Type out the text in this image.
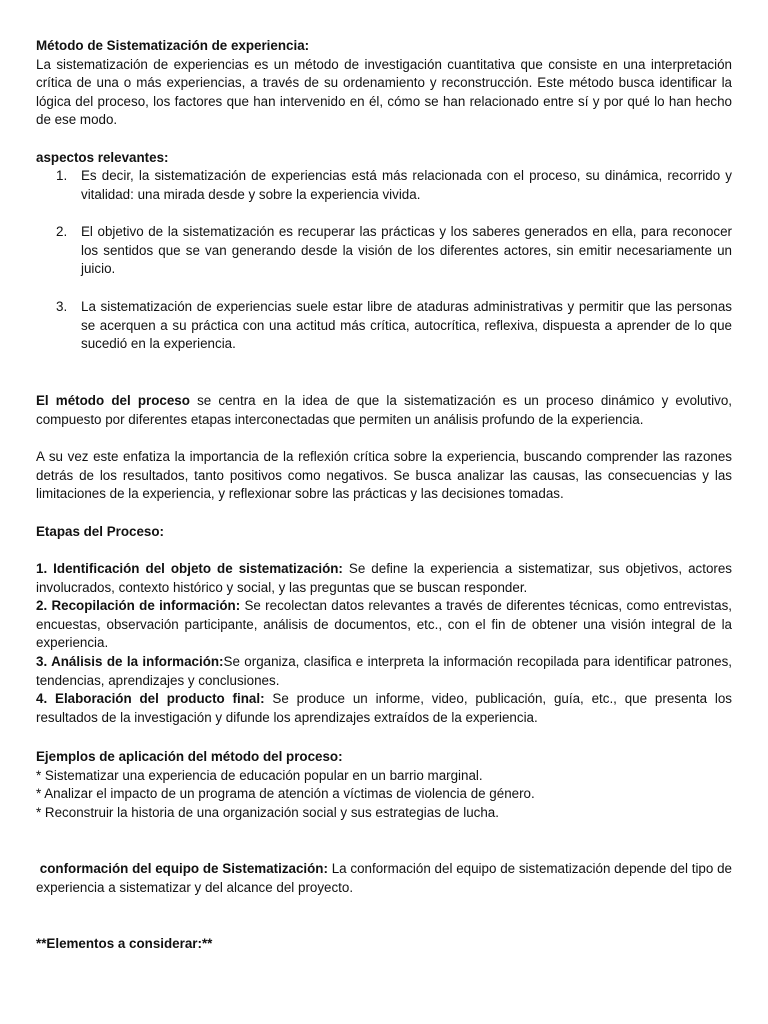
Método de Sistematización de experiencia:

La sistematización de experiencias es un método de investigación cuantitativa que consiste en una interpretación crítica de una o más experiencias, a través de su ordenamiento y reconstrucción. Este método busca identificar la lógica del proceso, los factores que han intervenido en él, cómo se han relacionado entre sí y por qué lo han hecho de ese modo.

aspectos relevantes:

1. Es decir, la sistematización de experiencias está más relacionada con el proceso, su dinámica, recorrido y vitalidad: una mirada desde y sobre la experiencia vivida.
2. El objetivo de la sistematización es recuperar las prácticas y los saberes generados en ella, para reconocer los sentidos que se van generando desde la visión de los diferentes actores, sin emitir necesariamente un juicio.
3. La sistematización de experiencias suele estar libre de ataduras administrativas y permitir que las personas se acerquen a su práctica con una actitud más crítica, autocrítica, reflexiva, dispuesta a aprender de lo que sucedió en la experiencia.

El método del proceso se centra en la idea de que la sistematización es un proceso dinámico y evolutivo, compuesto por diferentes etapas interconectadas que permiten un análisis profundo de la experiencia.

A su vez este enfatiza la importancia de la reflexión crítica sobre la experiencia, buscando comprender las razones detrás de los resultados, tanto positivos como negativos. Se busca analizar las causas, las consecuencias y las limitaciones de la experiencia, y reflexionar sobre las prácticas y las decisiones tomadas.

Etapas del Proceso:

1. Identificación del objeto de sistematización: Se define la experiencia a sistematizar, sus objetivos, actores involucrados, contexto histórico y social, y las preguntas que se buscan responder.

2. Recopilación de información: Se recolectan datos relevantes a través de diferentes técnicas, como entrevistas, encuestas, observación participante, análisis de documentos, etc., con el fin de obtener una visión integral de la experiencia.

3. Análisis de la información:Se organiza, clasifica e interpreta la información recopilada para identificar patrones, tendencias, aprendizajes y conclusiones.

4. Elaboración del producto final: Se produce un informe, video, publicación, guía, etc., que presenta los resultados de la investigación y difunde los aprendizajes extraídos de la experiencia.

Ejemplos de aplicación del método del proceso:

* Sistematizar una experiencia de educación popular en un barrio marginal.

* Analizar el impacto de un programa de atención a víctimas de violencia de género.

* Reconstruir la historia de una organización social y sus estrategias de lucha.

conformación del equipo de Sistematización: La conformación del equipo de sistematización depende del tipo de experiencia a sistematizar y del alcance del proyecto.

**Elementos a considerar:**
